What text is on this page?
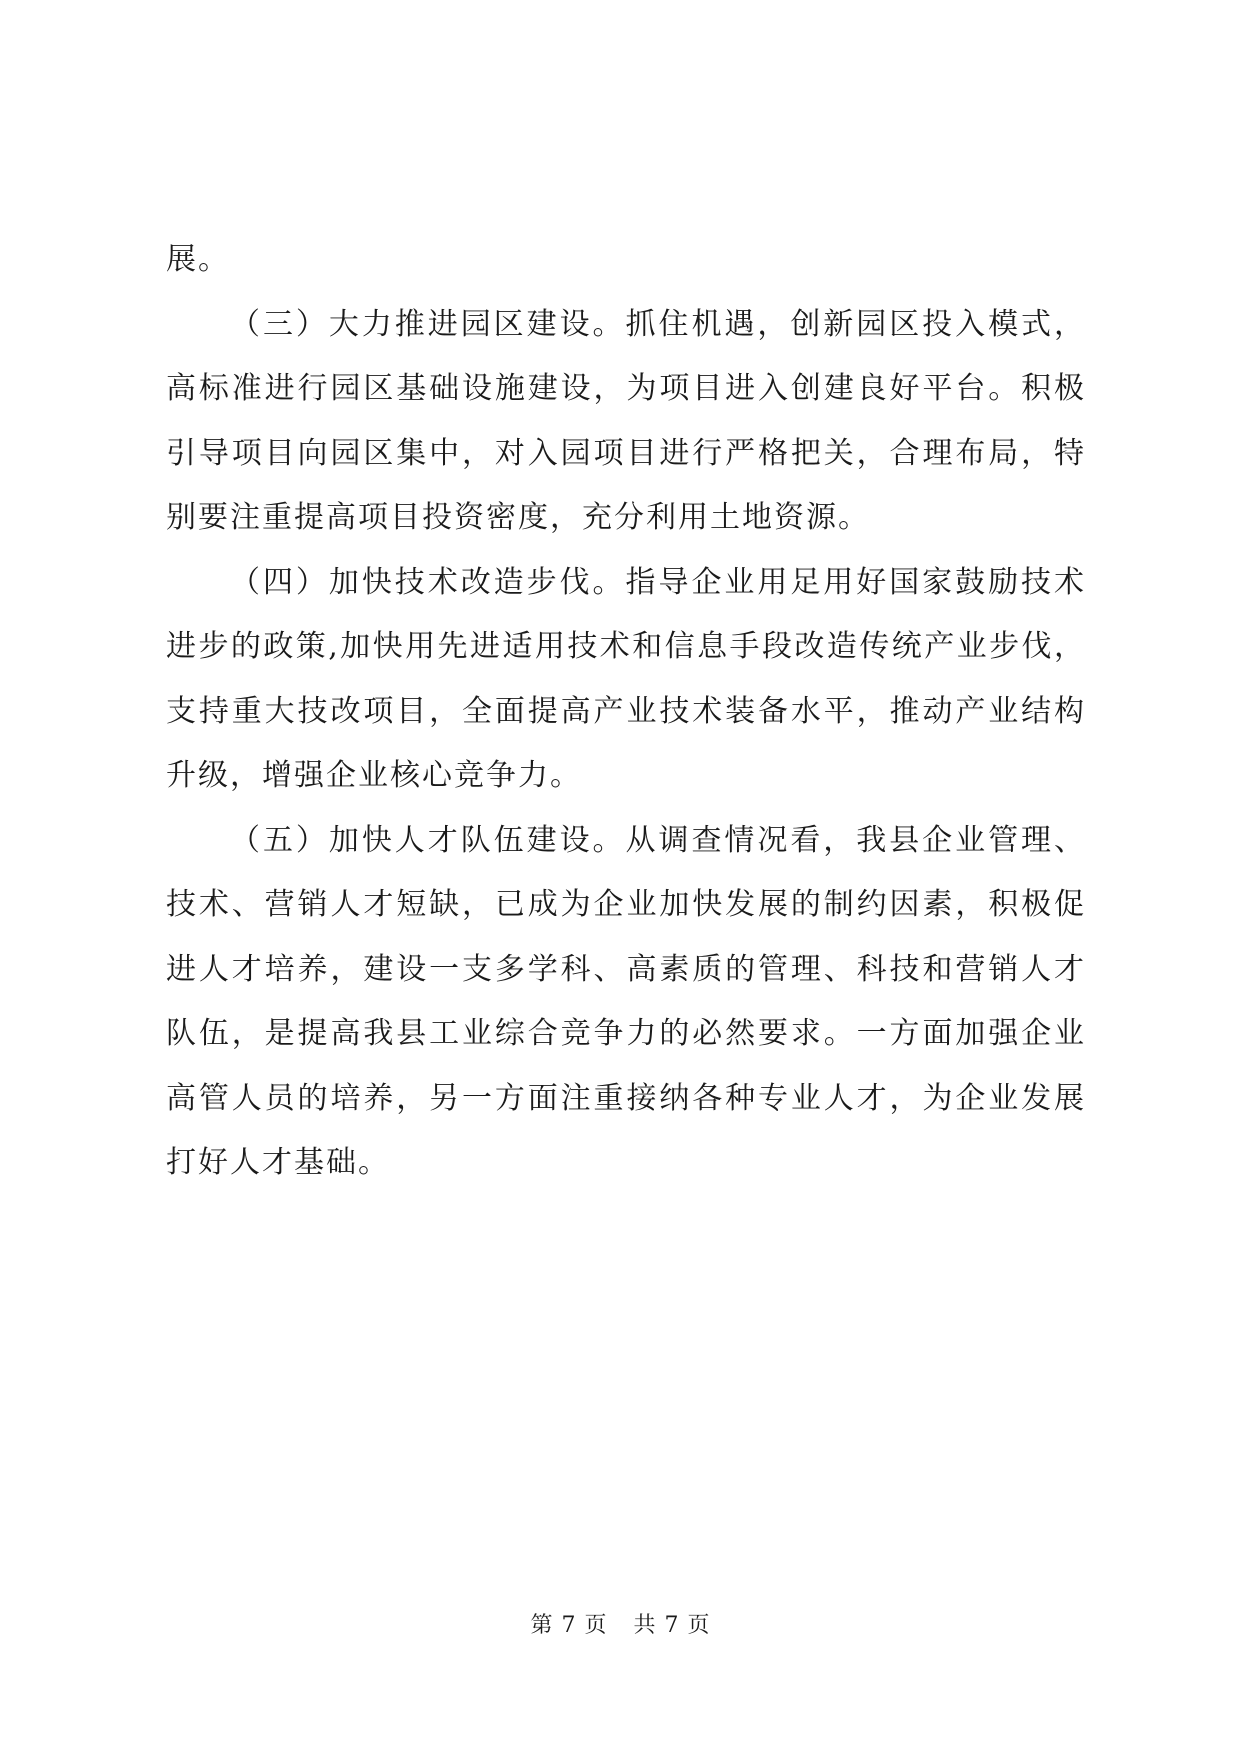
展。

（三）大力推进园区建设。抓住机遇，创新园区投入模式，高标准进行园区基础设施建设，为项目进入创建良好平台。积极引导项目向园区集中，对入园项目进行严格把关，合理布局，特别要注重提高项目投资密度，充分利用土地资源。

（四）加快技术改造步伐。指导企业用足用好国家鼓励技术进步的政策,加快用先进适用技术和信息手段改造传统产业步伐，支持重大技改项目，全面提高产业技术装备水平，推动产业结构升级，增强企业核心竞争力。

（五）加快人才队伍建设。从调查情况看，我县企业管理、技术、营销人才短缺，已成为企业加快发展的制约因素，积极促进人才培养，建设一支多学科、高素质的管理、科技和营销人才队伍，是提高我县工业综合竞争力的必然要求。一方面加强企业高管人员的培养，另一方面注重接纳各种专业人才，为企业发展打好人才基础。

第 7 页 共 7 页
